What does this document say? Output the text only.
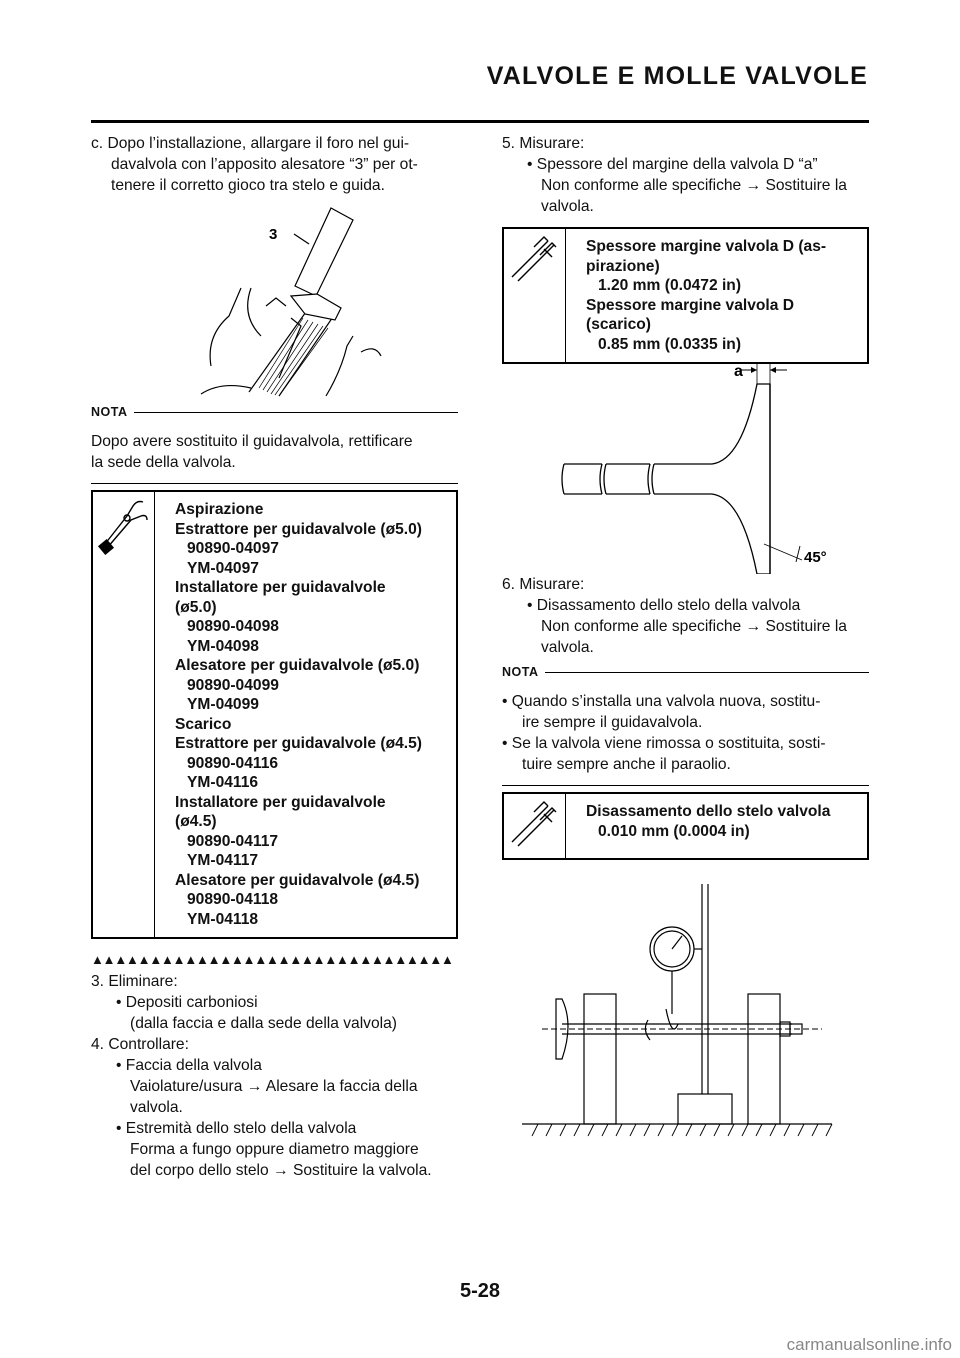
VALVOLE E MOLLE VALVOLE

c. Dopo l’installazione, allargare il foro nel gui-

davalvola con l’apposito alesatore “3” per ot-

tenere il corretto gioco tra stelo e guida.

3
NOTA

Dopo avere sostituito il guidavalvola, rettificare

la sede della valvola.

Aspirazione
Estrattore per guidavalvole (ø5.0)
90890-04097
YM-04097
Installatore per guidavalvole
(ø5.0)
90890-04098
YM-04098
Alesatore per guidavalvole (ø5.0)
90890-04099
YM-04099
Scarico
Estrattore per guidavalvole (ø4.5)
90890-04116
YM-04116
Installatore per guidavalvole
(ø4.5)
90890-04117
YM-04117
Alesatore per guidavalvole (ø4.5)
90890-04118
YM-04118
▲▲▲▲▲▲▲▲▲▲▲▲▲▲▲▲▲▲▲▲▲▲▲▲▲▲▲▲▲▲▲

3. Eliminare:

• Depositi carboniosi

(dalla faccia e dalla sede della valvola)

4. Controllare:

• Faccia della valvola

Vaiolature/usura → Alesare la faccia della

valvola.

• Estremità dello stelo della valvola

Forma a fungo oppure diametro maggiore

del corpo dello stelo → Sostituire la valvola.

5. Misurare:

• Spessore del margine della valvola D “a”

Non conforme alle specifiche → Sostituire la

valvola.

Spessore margine valvola D (as-
pirazione)
1.20 mm (0.0472 in)
Spessore margine valvola D
(scarico)
0.85 mm (0.0335 in)
a
45°

6. Misurare:

• Disassamento dello stelo della valvola

Non conforme alle specifiche → Sostituire la

valvola.

NOTA

• Quando s’installa una valvola nuova, sostitu-

ire sempre il guidavalvola.

• Se la valvola viene rimossa o sostituita, sosti-

tuire sempre anche il paraolio.

Disassamento dello stelo valvola
0.010 mm (0.0004 in)
5-28
carmanualsonline.info
